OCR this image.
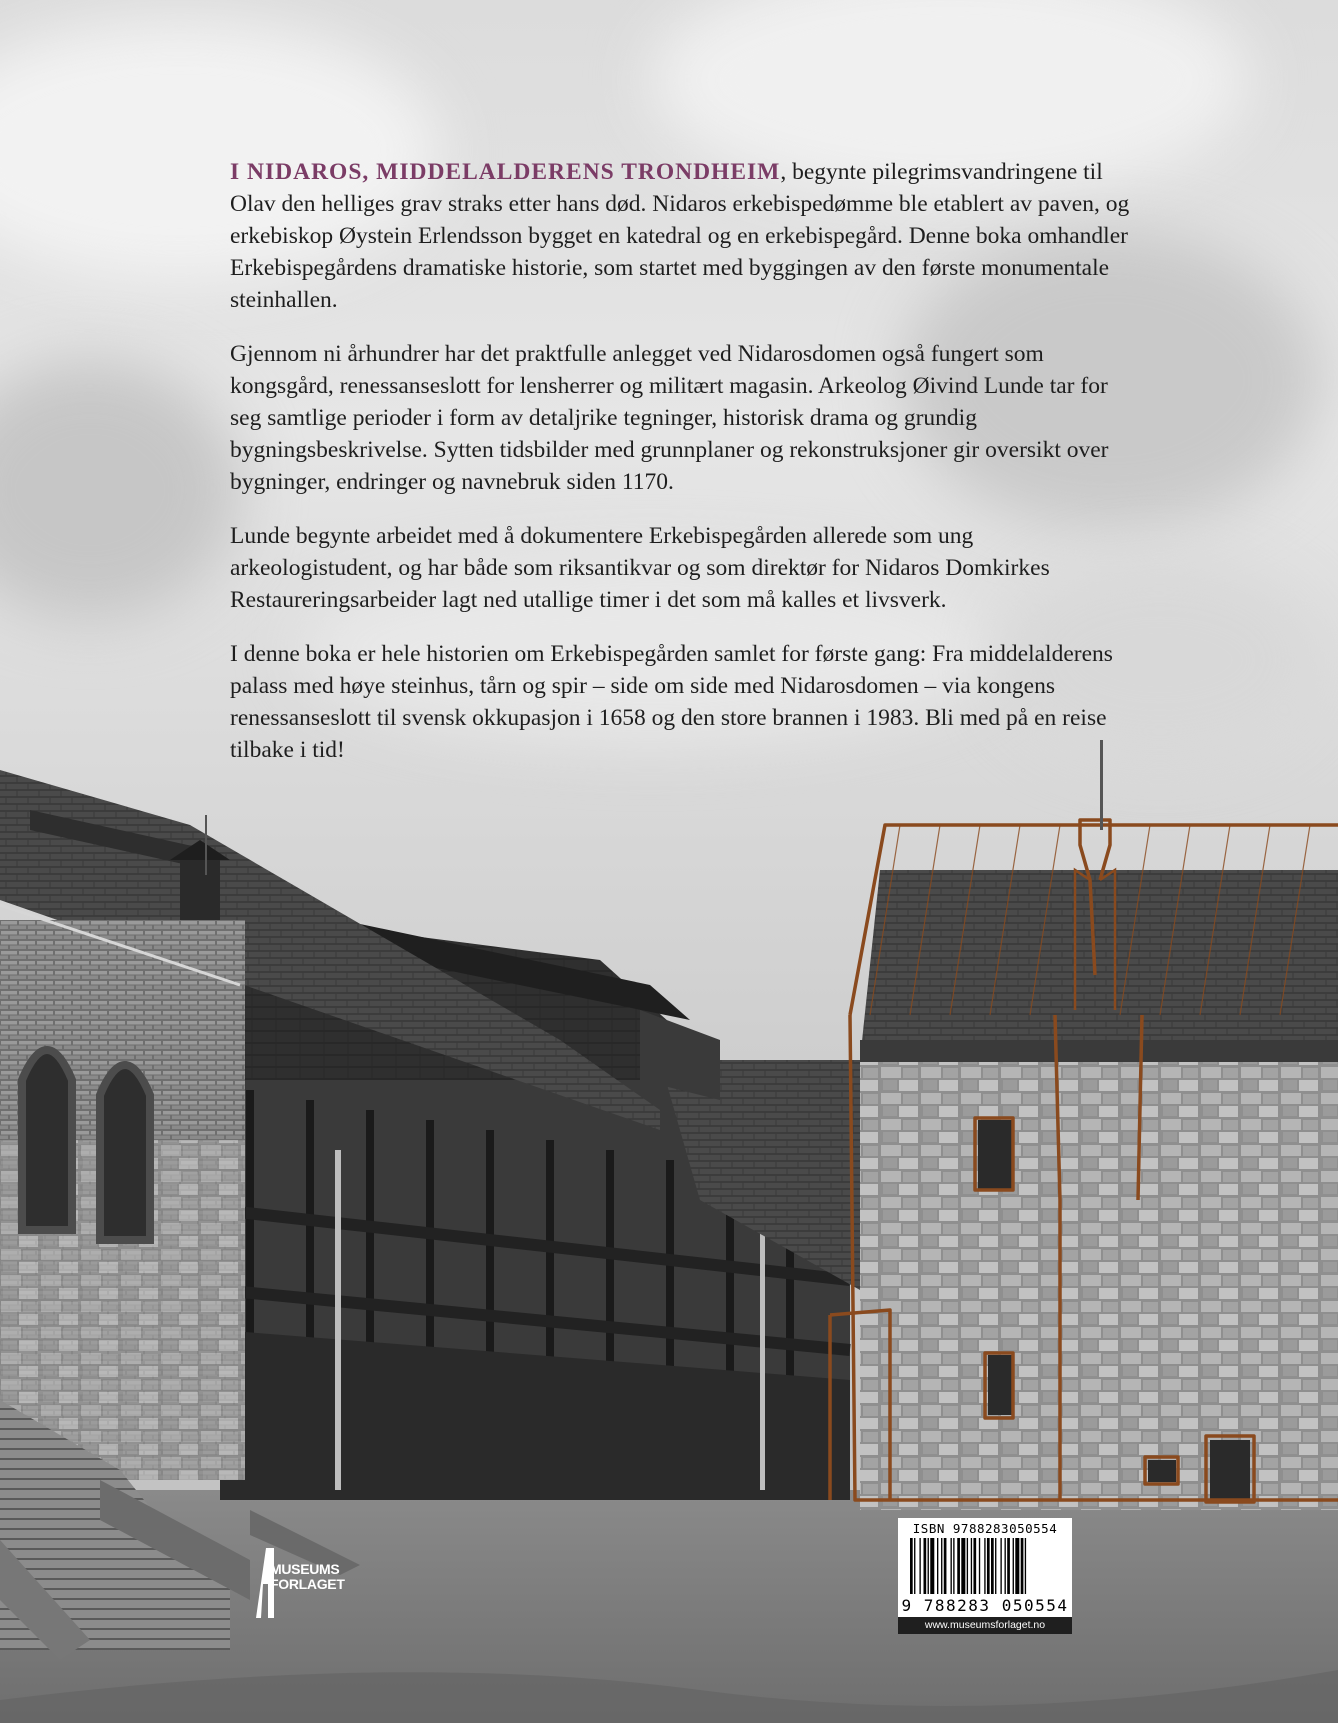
I NIDAROS, MIDDELALDERENS TRONDHEIM, begynte pilegrimsvandringene til Olav den helliges grav straks etter hans død. Nidaros erkebispedømme ble etablert av paven, og erkebiskop Øystein Erlendsson bygget en katedral og en erkebispegård. Denne boka omhandler Erkebispegårdens dramatiske historie, som startet med byggingen av den første monumentale steinhallen.

Gjennom ni århundrer har det praktfulle anlegget ved Nidarosdomen også fungert som kongsgård, renessanseslott for lensherrer og militært magasin. Arkeolog Øivind Lunde tar for seg samtlige perioder i form av detaljrike tegninger, historisk drama og grundig bygningsbeskrivelse. Sytten tidsbilder med grunnplaner og rekonstruksjoner gir oversikt over bygninger, endringer og navnebruk siden 1170.

Lunde begynte arbeidet med å dokumentere Erkebispegården allerede som ung arkeologistudent, og har både som riksantikvar og som direktør for Nidaros Domkirkes Restaureringsarbeider lagt ned utallige timer i det som må kalles et livsverk.

I denne boka er hele historien om Erkebispegården samlet for første gang: Fra middelalderens palass med høye steinhus, tårn og spir – side om side med Nidarosdomen – via kongens renessanseslott til svensk okkupasjon i 1658 og den store brannen i 1983. Bli med på en reise tilbake i tid!

MUSEUMS
FORLAGET
ISBN 9788283050554
9 788283 050554
www.museumsforlaget.no
